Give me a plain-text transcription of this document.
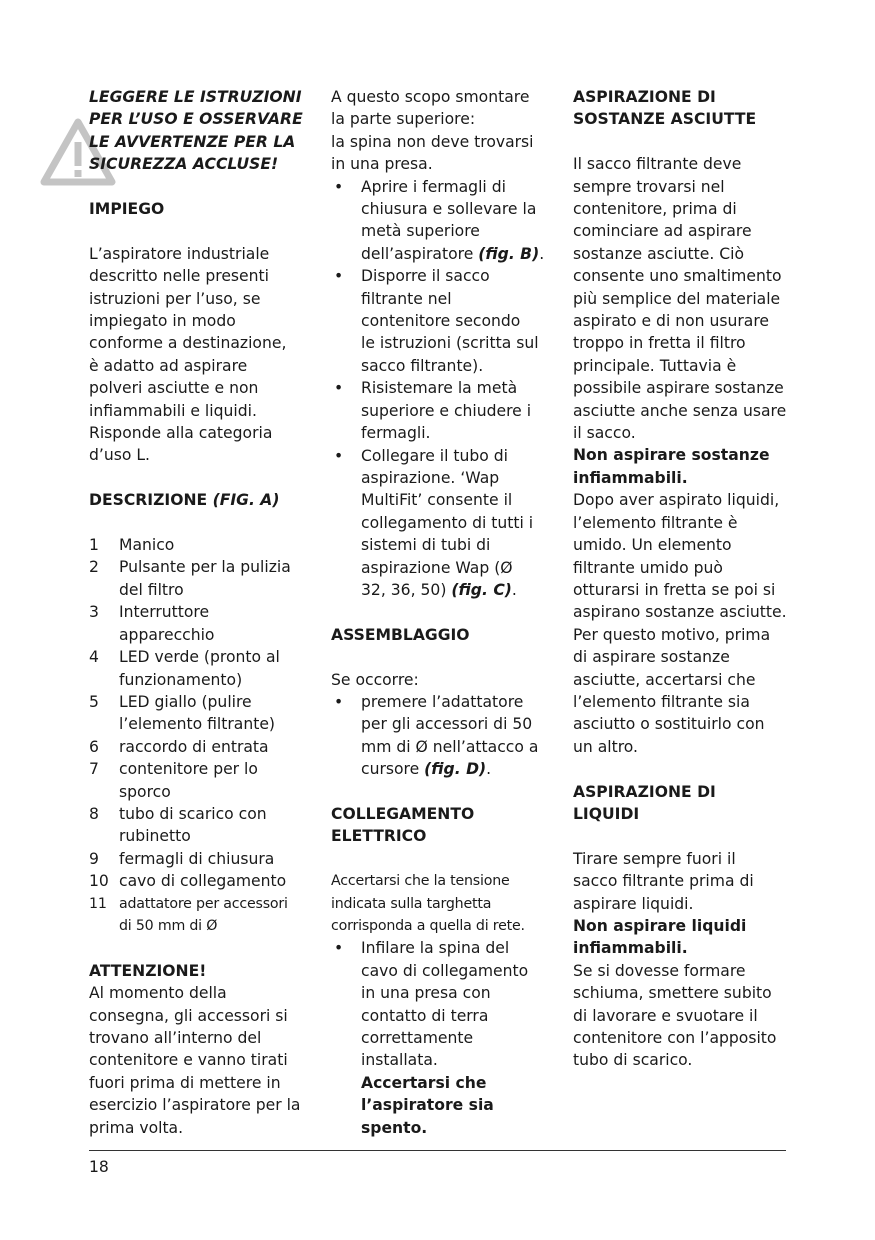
LEGGERE LE ISTRUZIONI

PER L’USO E OSSERVARE

LE AVVERTENZE PER LA

SICUREZZA ACCLUSE!

IMPIEGO

L’aspiratore industriale

descritto nelle presenti

istruzioni per l’uso, se

impiegato in modo

conforme a destinazione,

è adatto ad aspirare

polveri asciutte e non

infiammabili e liquidi.

Risponde alla categoria

d’uso L.

DESCRIZIONE (FIG. A)

1 Manico

2 Pulsante per la pulizia

del filtro

3 Interruttore

apparecchio

4 LED verde (pronto al

funzionamento)

5 LED giallo (pulire

l’elemento filtrante)

6 raccordo di entrata

7 contenitore per lo

sporco

8 tubo di scarico con

rubinetto

9 fermagli di chiusura

10 cavo di collegamento

11 adattatore per accessori

di 50 mm di Ø

ATTENZIONE!

Al momento della

consegna, gli accessori si

trovano all’interno del

contenitore e vanno tirati

fuori prima di mettere in

esercizio l’aspiratore per la

prima volta.

A questo scopo smontare

la parte superiore:

la spina non deve trovarsi

in una presa.

• Aprire i fermagli di

chiusura e sollevare la

metà superiore

dell’aspiratore (fig. B).

• Disporre il sacco

filtrante nel

contenitore secondo

le istruzioni (scritta sul

sacco filtrante).

• Risistemare la metà

superiore e chiudere i

fermagli.

• Collegare il tubo di

aspirazione. ‘Wap

MultiFit’ consente il

collegamento di tutti i

sistemi di tubi di

aspirazione Wap (Ø

32, 36, 50) (fig. C).

ASSEMBLAGGIO

Se occorre:

• premere l’adattatore

per gli accessori di 50

mm di Ø nell’attacco a

cursore (fig. D).

COLLEGAMENTO

ELETTRICO

Accertarsi che la tensione

indicata sulla targhetta

corrisponda a quella di rete.

• Infilare la spina del

cavo di collegamento

in una presa con

contatto di terra

correttamente

installata.

Accertarsi che

l’aspiratore sia

spento.

ASPIRAZIONE DI

SOSTANZE ASCIUTTE

Il sacco filtrante deve

sempre trovarsi nel

contenitore, prima di

cominciare ad aspirare

sostanze asciutte. Ciò

consente uno smaltimento

più semplice del materiale

aspirato e di non usurare

troppo in fretta il filtro

principale. Tuttavia è

possibile aspirare sostanze

asciutte anche senza usare

il sacco.

Non aspirare sostanze

infiammabili.

Dopo aver aspirato liquidi,

l’elemento filtrante è

umido. Un elemento

filtrante umido può

otturarsi in fretta se poi si

aspirano sostanze asciutte.

Per questo motivo, prima

di aspirare sostanze

asciutte, accertarsi che

l’elemento filtrante sia

asciutto o sostituirlo con

un altro.

ASPIRAZIONE DI

LIQUIDI

Tirare sempre fuori il

sacco filtrante prima di

aspirare liquidi.

Non aspirare liquidi

infiammabili.

Se si dovesse formare

schiuma, smettere subito

di lavorare e svuotare il

contenitore con l’apposito

tubo di scarico.

18
